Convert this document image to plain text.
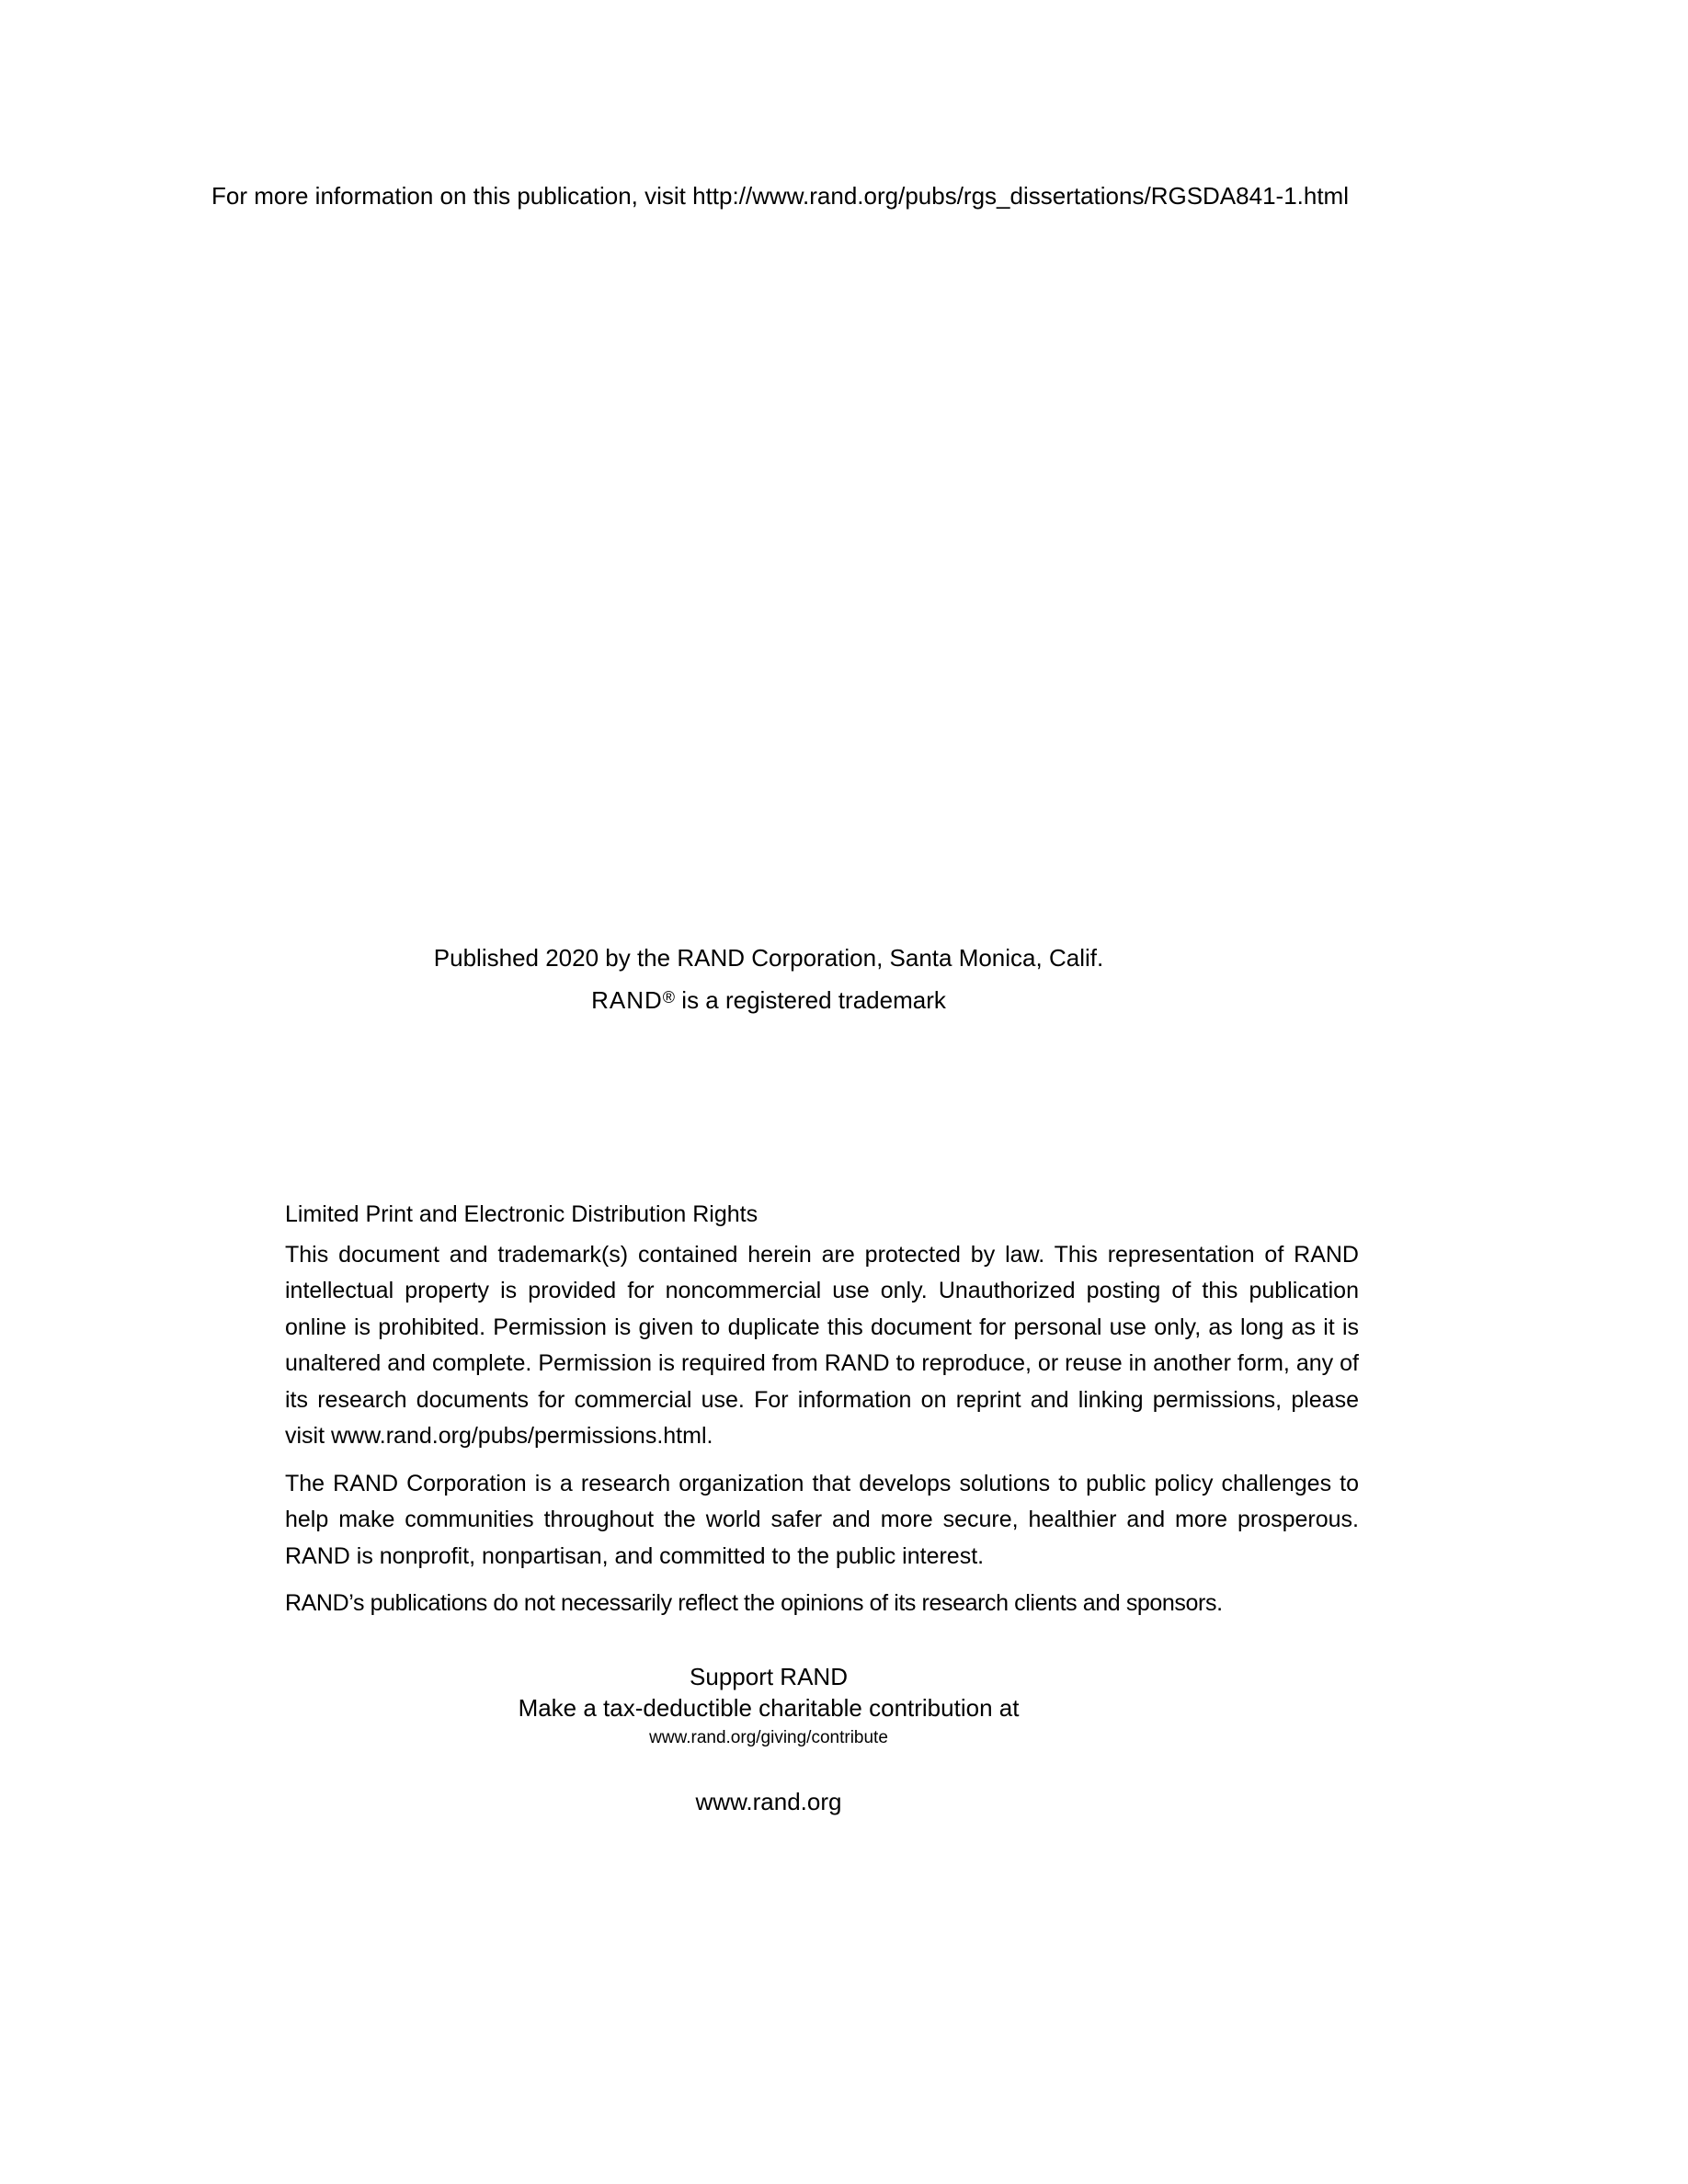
For more information on this publication, visit http://www.rand.org/pubs/rgs_dissertations/RGSDA841-1.html

Published 2020 by the RAND Corporation, Santa Monica, Calif.

RAND® is a registered trademark

Limited Print and Electronic Distribution Rights

This document and trademark(s) contained herein are protected by law. This representation of RAND intellectual property is provided for noncommercial use only. Unauthorized posting of this publication online is prohibited. Permission is given to duplicate this document for personal use only, as long as it is unaltered and complete. Permission is required from RAND to reproduce, or reuse in another form, any of its research documents for commercial use. For information on reprint and linking permissions, please visit www.rand.org/pubs/permissions.html.

The RAND Corporation is a research organization that develops solutions to public policy challenges to help make communities throughout the world safer and more secure, healthier and more prosperous. RAND is nonprofit, nonpartisan, and committed to the public interest.

RAND’s publications do not necessarily reflect the opinions of its research clients and sponsors.

Support RAND

Make a tax-deductible charitable contribution at

www.rand.org/giving/contribute

www.rand.org
